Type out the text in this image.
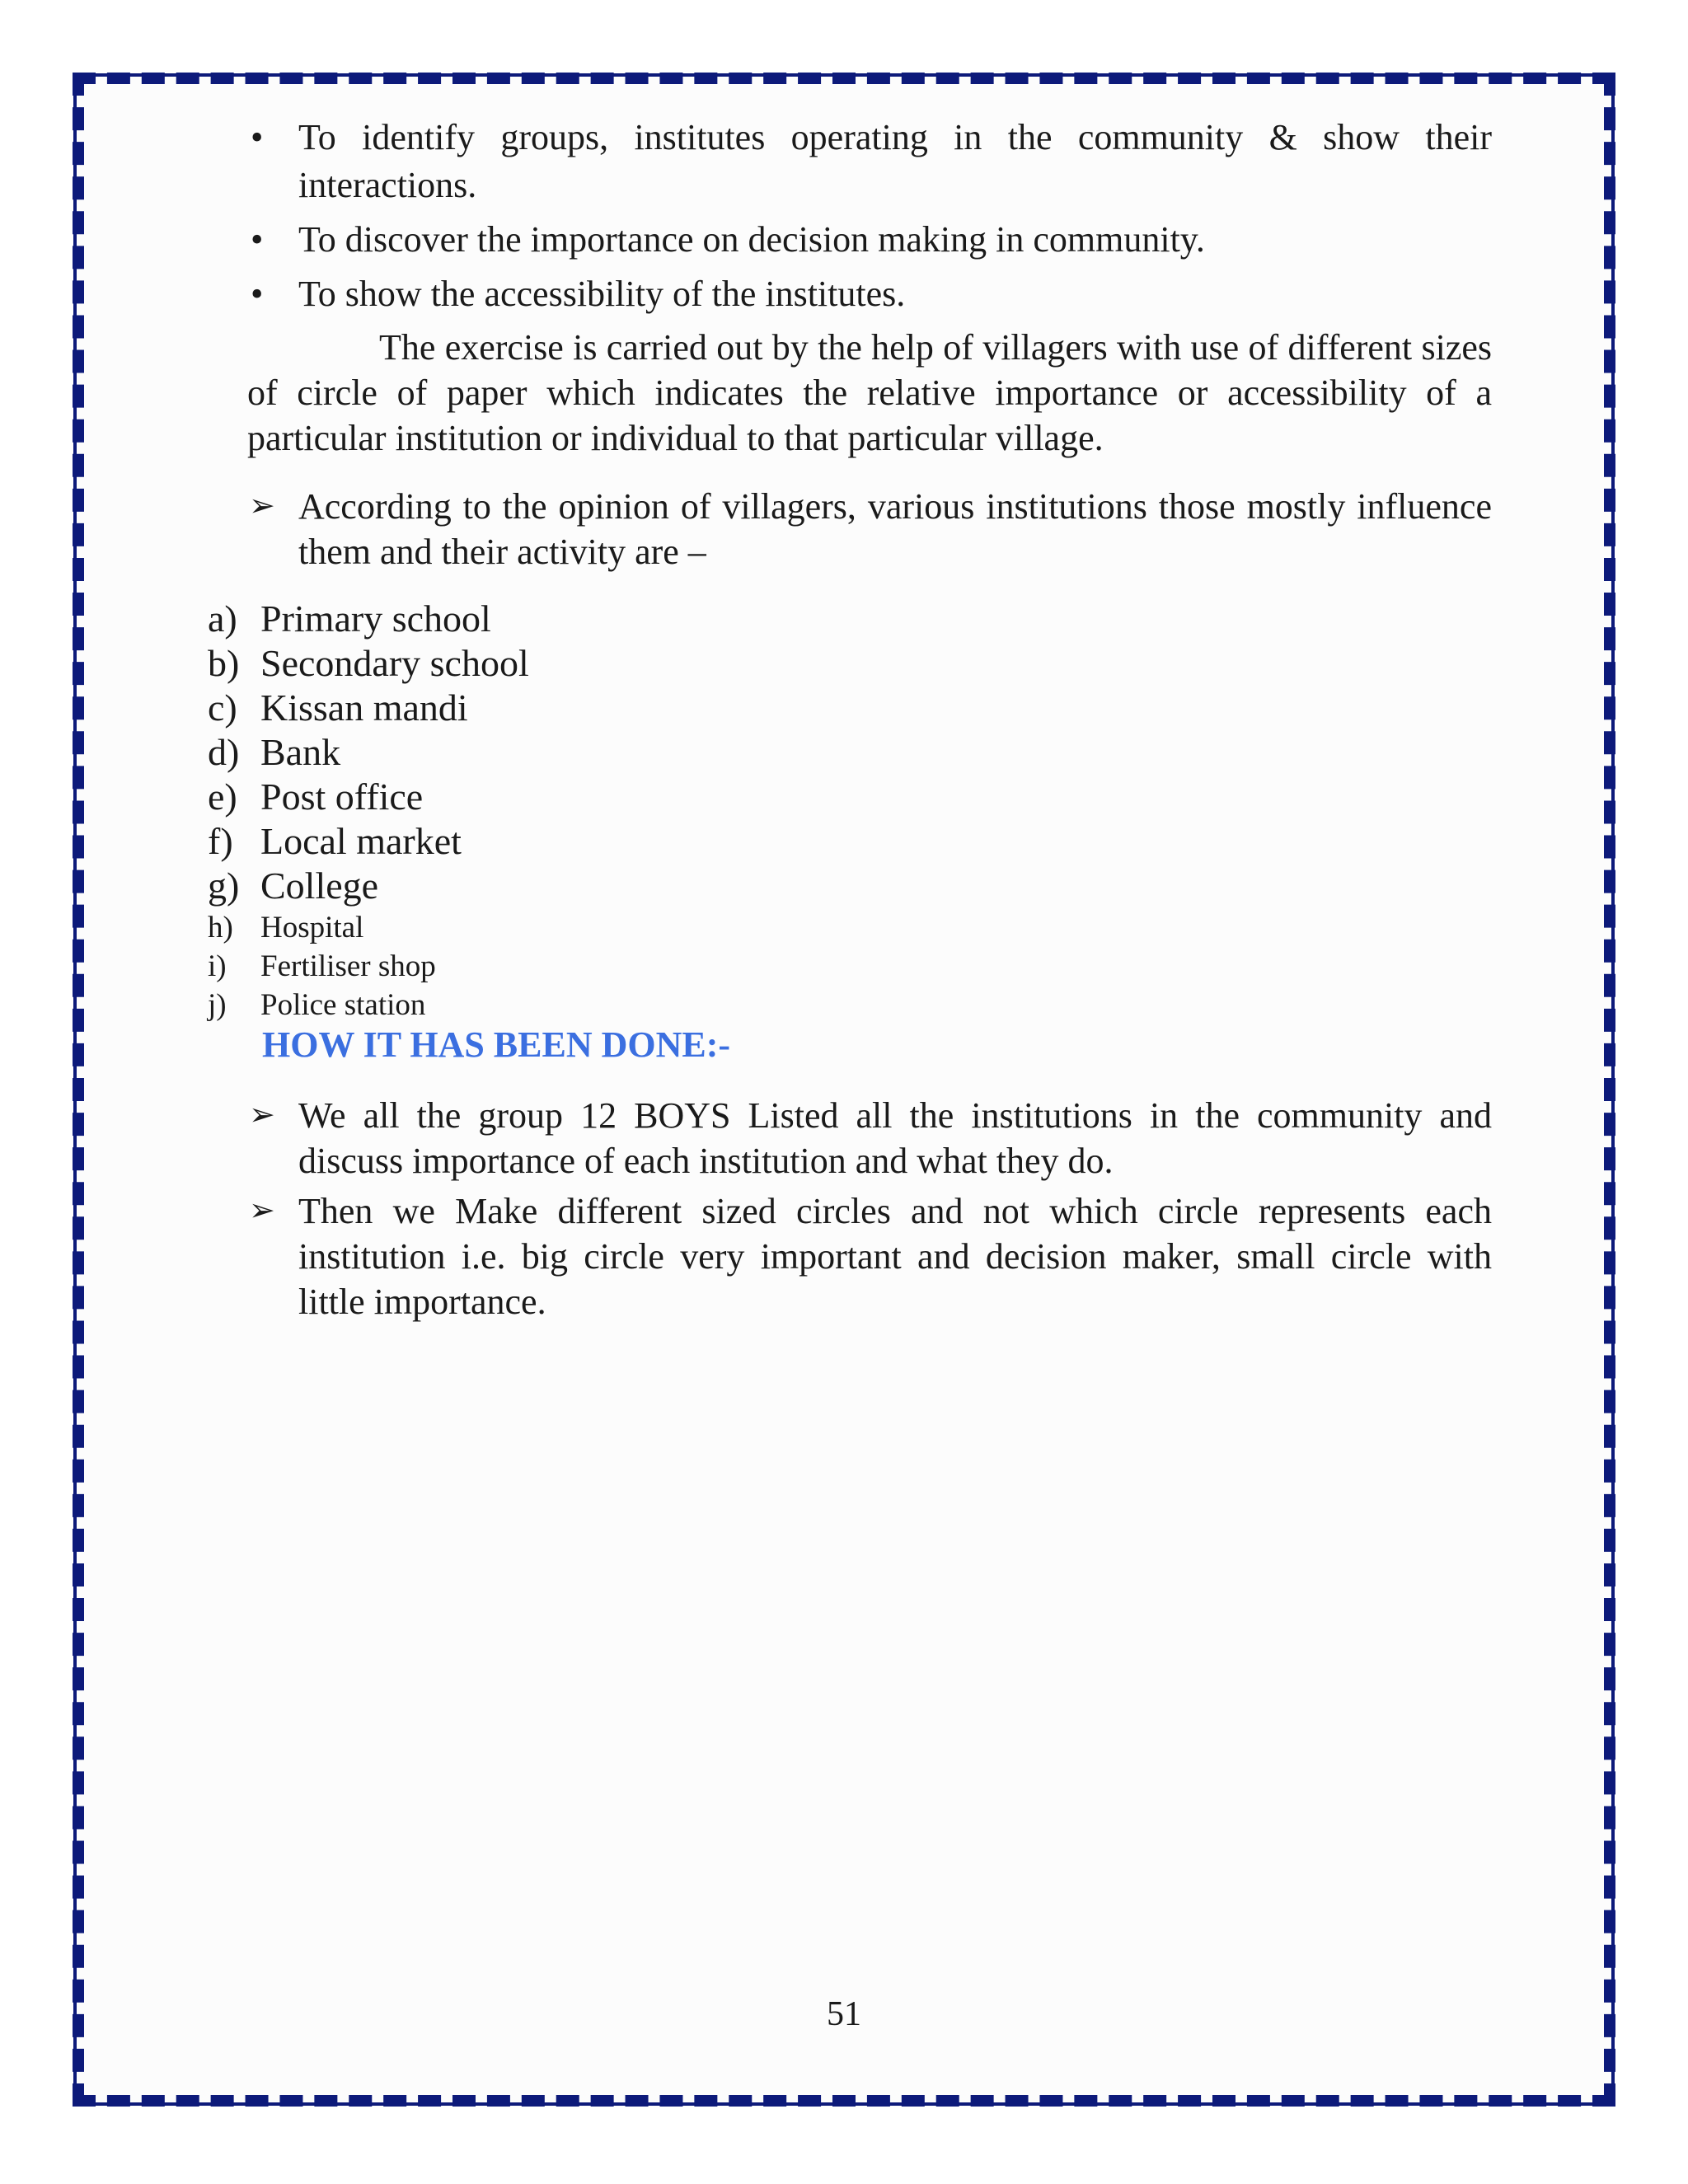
• To identify groups, institutes operating in the community & show their interactions.
• To discover the importance on decision making in community.
• To show the accessibility of the institutes.

The exercise is carried out by the help of villagers with use of different sizes of circle of paper which indicates the relative importance or accessibility of a particular institution or individual to that particular village.

➢ According to the opinion of villagers, various institutions those mostly influence them and their activity are –
a) Primary school
b) Secondary school
c) Kissan mandi
d) Bank
e) Post office
f) Local market
g) College
h) Hospital
i) Fertiliser shop
j) Police station
HOW IT HAS BEEN DONE:-
➢ We all the group 12 BOYS Listed all the institutions in the community and discuss importance of each institution and what they do.
➢ Then we Make different sized circles and not which circle represents each institution i.e. big circle very important and decision maker, small circle with little importance.
51
